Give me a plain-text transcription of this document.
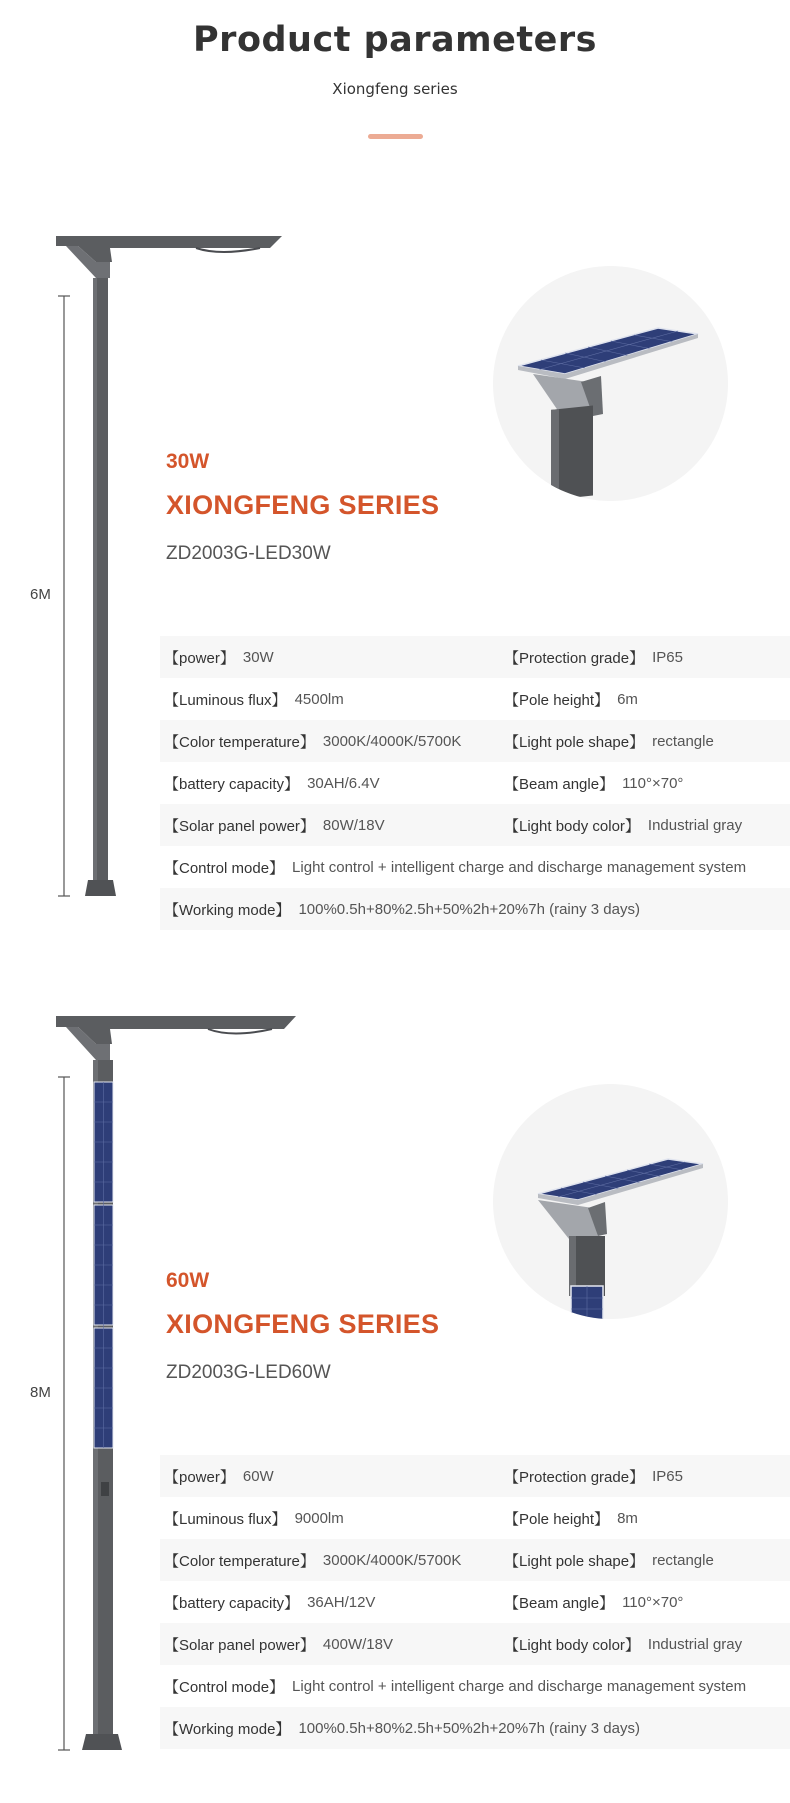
Product parameters
Xiongfeng series
6M
30W
XIONGFENG SERIES
ZD2003G-LED30W
【power】 30W	【Protection grade】 IP65
【Luminous flux】 4500lm	【Pole height】 6m
【Color temperature】 3000K/4000K/5700K	【Light pole shape】 rectangle
【battery capacity】 30AH/6.4V	【Beam angle】 110°×70°
【Solar panel power】 80W/18V	【Light body color】 Industrial gray
【Control mode】 Light control + intelligent charge and discharge management system
【Working mode】 100%0.5h+80%2.5h+50%2h+20%7h (rainy 3 days)
8M
60W
XIONGFENG SERIES
ZD2003G-LED60W
【power】 60W	【Protection grade】 IP65
【Luminous flux】 9000lm	【Pole height】 8m
【Color temperature】 3000K/4000K/5700K	【Light pole shape】 rectangle
【battery capacity】 36AH/12V	【Beam angle】 110°×70°
【Solar panel power】 400W/18V	【Light body color】 Industrial gray
【Control mode】 Light control + intelligent charge and discharge management system
【Working mode】 100%0.5h+80%2.5h+50%2h+20%7h (rainy 3 days)
